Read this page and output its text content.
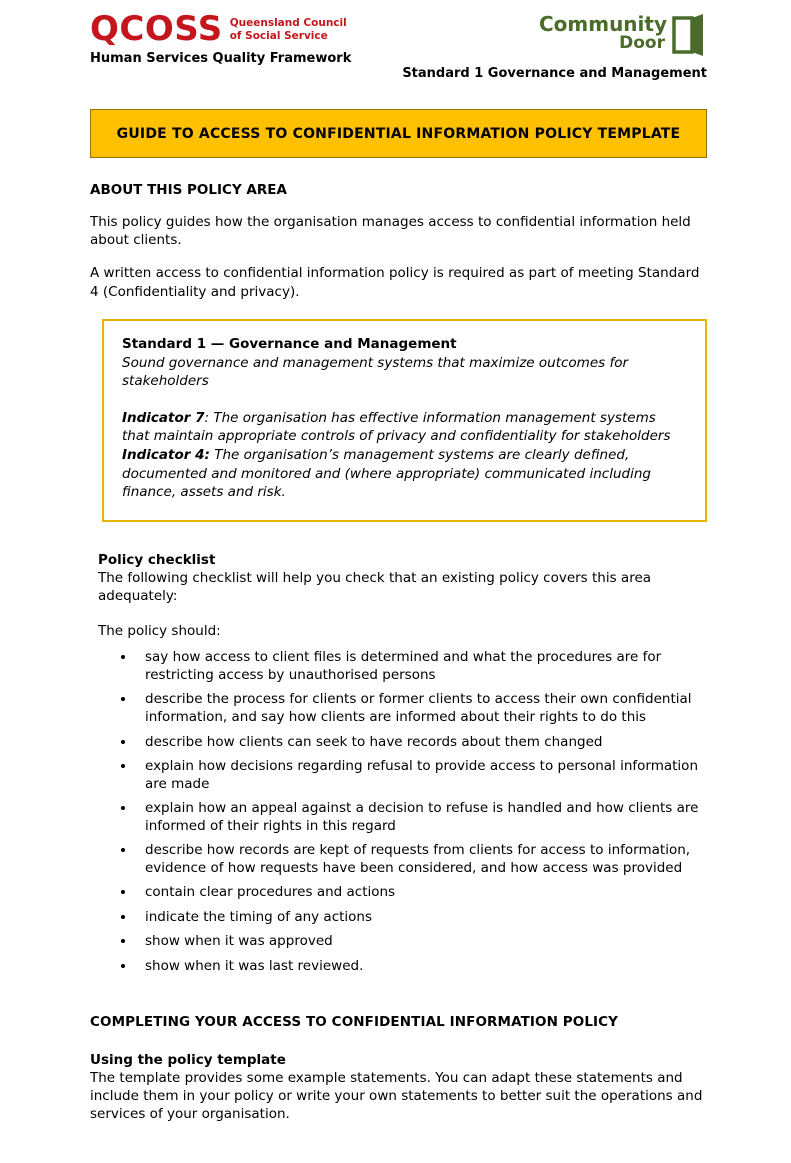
QCOSS Queensland Council
of Social Service
Human Services Quality Framework
Community
Door
Standard 1 Governance and Management
GUIDE TO ACCESS TO CONFIDENTIAL INFORMATION POLICY TEMPLATE
ABOUT THIS POLICY AREA
This policy guides how the organisation manages access to confidential information held about clients.
A written access to confidential information policy is required as part of meeting Standard 4 (Confidentiality and privacy).
Standard 1 — Governance and Management
Sound governance and management systems that maximize outcomes for stakeholders
Indicator 7: The organisation has effective information management systems that maintain appropriate controls of privacy and confidentiality for stakeholders
Indicator 4: The organisation’s management systems are clearly defined, documented and monitored and (where appropriate) communicated including finance, assets and risk.
Policy checklist
The following checklist will help you check that an existing policy covers this area adequately:
The policy should:
• say how access to client files is determined and what the procedures are for restricting access by unauthorised persons
• describe the process for clients or former clients to access their own confidential information, and say how clients are informed about their rights to do this
• describe how clients can seek to have records about them changed
• explain how decisions regarding refusal to provide access to personal information are made
• explain how an appeal against a decision to refuse is handled and how clients are informed of their rights in this regard
• describe how records are kept of requests from clients for access to information, evidence of how requests have been considered, and how access was provided
• contain clear procedures and actions
• indicate the timing of any actions
• show when it was approved
• show when it was last reviewed.
COMPLETING YOUR ACCESS TO CONFIDENTIAL INFORMATION POLICY
Using the policy template
The template provides some example statements. You can adapt these statements and include them in your policy or write your own statements to better suit the operations and services of your organisation.
